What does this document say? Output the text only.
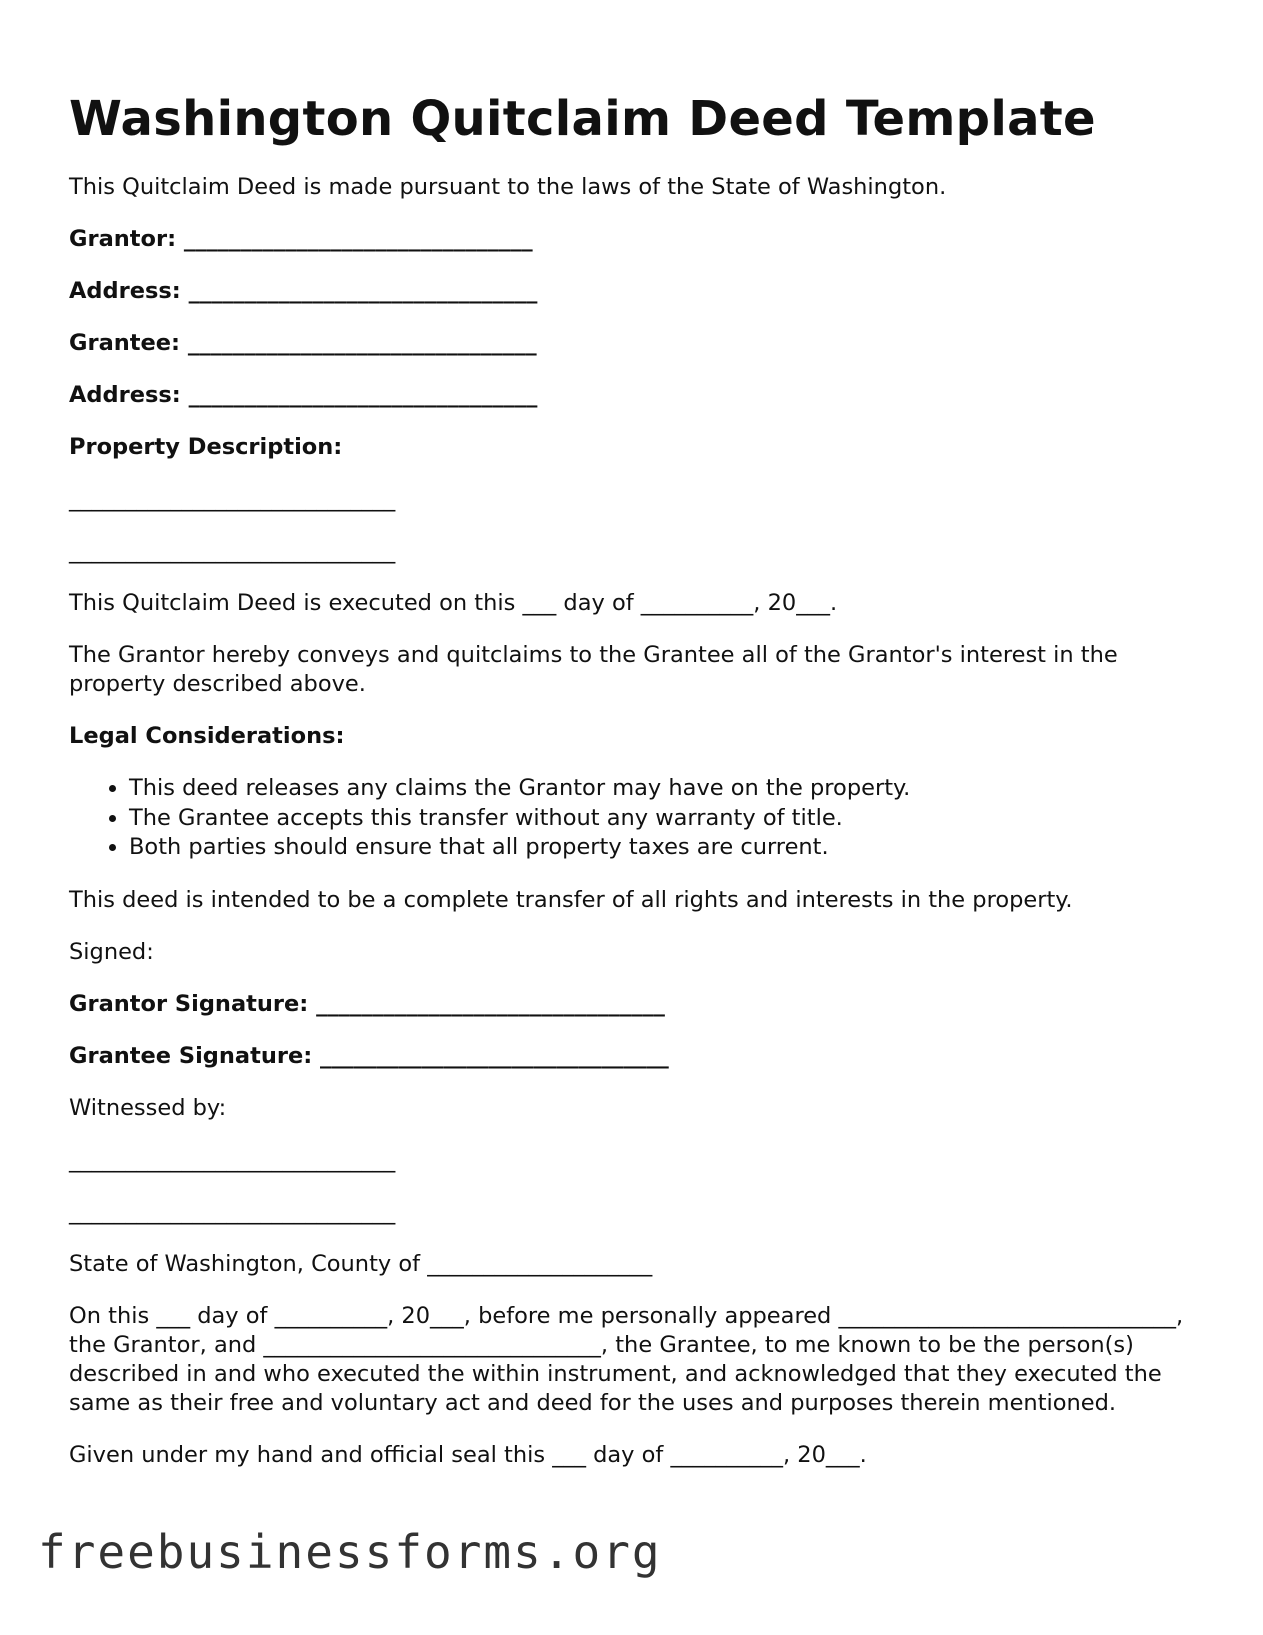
Washington Quitclaim Deed Template

This Quitclaim Deed is made pursuant to the laws of the State of Washington.

Grantor: _______________________________

Address: _______________________________

Grantee: _______________________________

Address: _______________________________

Property Description:

_____________________________

_____________________________

This Quitclaim Deed is executed on this ___ day of __________, 20___.

The Grantor hereby conveys and quitclaims to the Grantee all of the Grantor's interest in the property described above.

Legal Considerations:

• This deed releases any claims the Grantor may have on the property.
• The Grantee accepts this transfer without any warranty of title.
• Both parties should ensure that all property taxes are current.

This deed is intended to be a complete transfer of all rights and interests in the property.

Signed:

Grantor Signature: _______________________________

Grantee Signature: _______________________________

Witnessed by:

_____________________________

_____________________________

State of Washington, County of ____________________

On this ___ day of __________, 20___, before me personally appeared ______________________________, the Grantor, and ______________________________, the Grantee, to me known to be the person(s) described in and who executed the within instrument, and acknowledged that they executed the same as their free and voluntary act and deed for the uses and purposes therein mentioned.

Given under my hand and official seal this ___ day of __________, 20___.

freebusinessforms.org
